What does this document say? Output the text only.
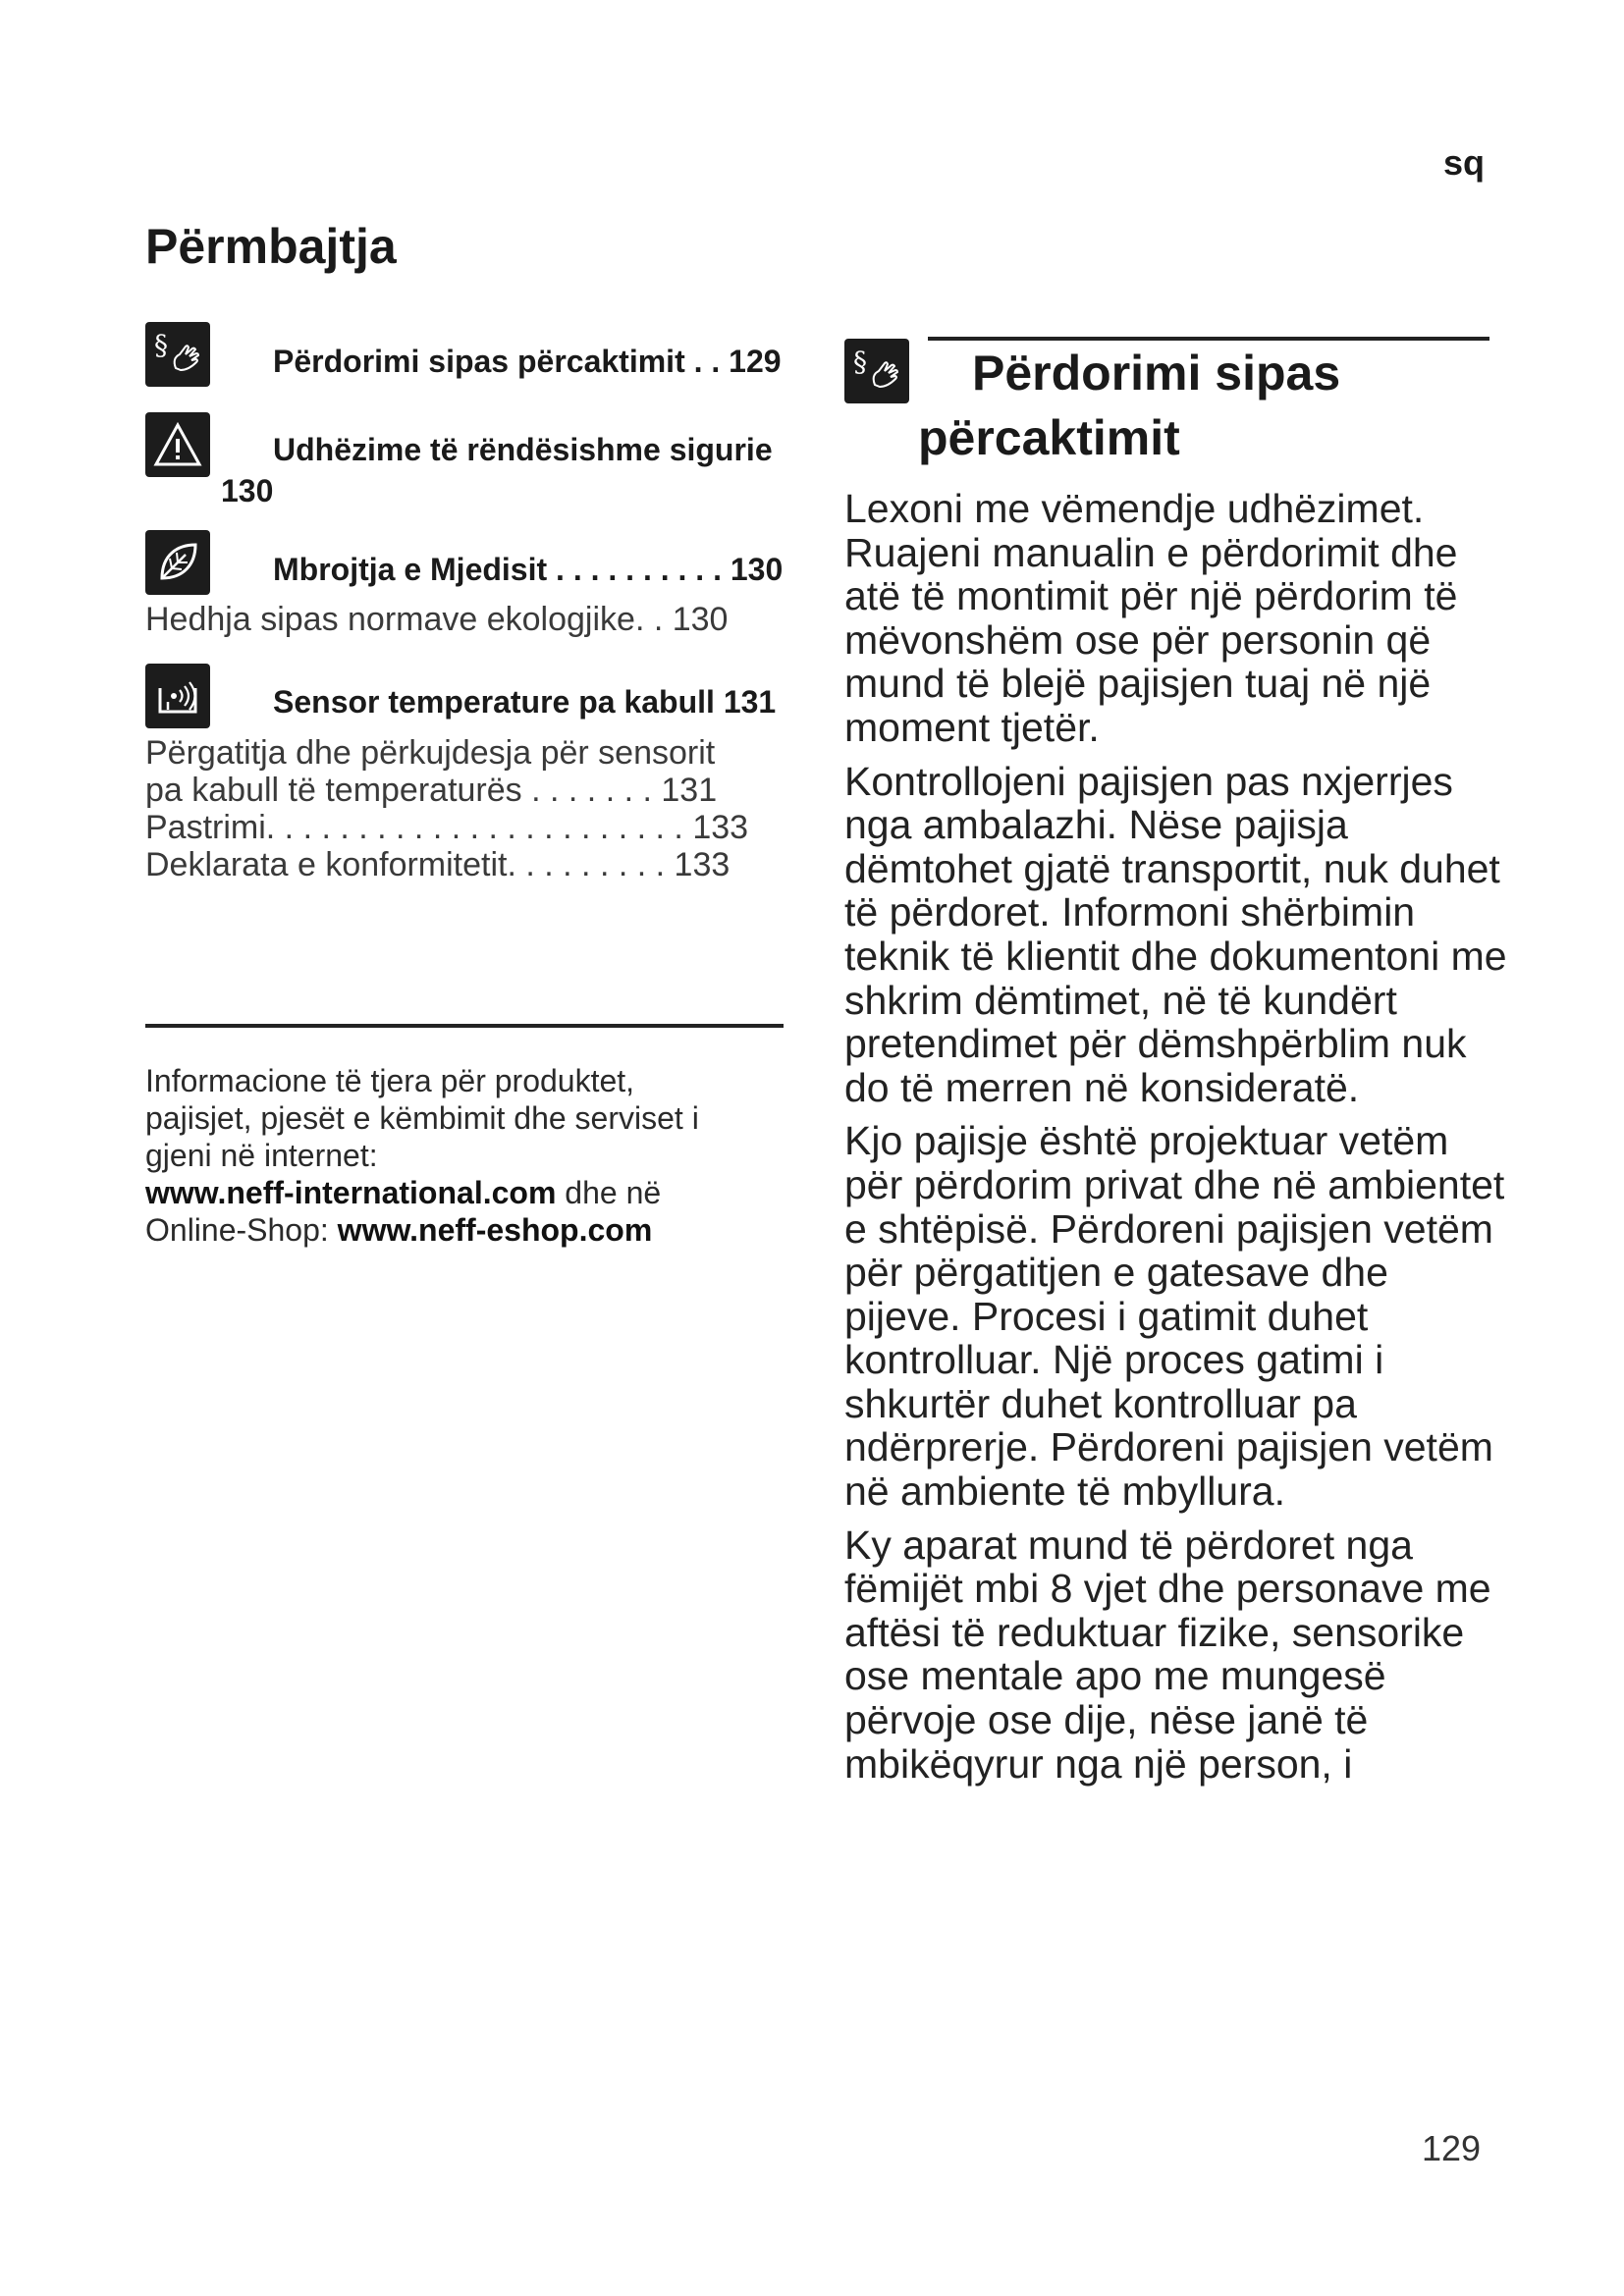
sq
Përmbajtja
§	Përdorimi sipas përcaktimit . . 129
Udhëzime të rëndësishme sigurie
130
Mbrojtja e Mjedisit . . . . . . . . . . 130
Hedhja sipas normave ekologjike. . 130
Sensor temperature pa kabull 131
Përgatitja dhe përkujdesja për sensorit
pa kabull të temperaturës . . . . . . . 131
Pastrimi. . . . . . . . . . . . . . . . . . . . . . . 133
Deklarata e konformitetit. . . . . . . . . 133
Informacione të tjera për produktet,
pajisjet, pjesët e këmbimit dhe serviset i
gjeni në internet:
www.neff-international.com dhe në
Online-Shop: www.neff-eshop.com
§	Përdorimi sipas
përcaktimit

Lexoni me vëmendje udhëzimet. Ruajeni manualin e përdorimit dhe atë të montimit për një përdorim të mëvonshëm ose për personin që mund të blejë pajisjen tuaj në një moment tjetër.

Kontrollojeni pajisjen pas nxjerrjes nga ambalazhi. Nëse pajisja dëmtohet gjatë transportit, nuk duhet të përdoret. Informoni shërbimin teknik të klientit dhe dokumentoni me shkrim dëmtimet, në të kundërt pretendimet për dëmshpërblim nuk do të merren në konsideratë.

Kjo pajisje është projektuar vetëm për përdorim privat dhe në ambientet e shtëpisë. Përdoreni pajisjen vetëm për përgatitjen e gatesave dhe pijeve. Procesi i gatimit duhet kontrolluar. Një proces gatimi i shkurtër duhet kontrolluar pa ndërprerje. Përdoreni pajisjen vetëm në ambiente të mbyllura.

Ky aparat mund të përdoret nga fëmijët mbi 8 vjet dhe personave me aftësi të reduktuar fizike, sensorike ose mentale apo me mungesë përvoje ose dije, nëse janë të mbikëqyrur nga një person, i

129
